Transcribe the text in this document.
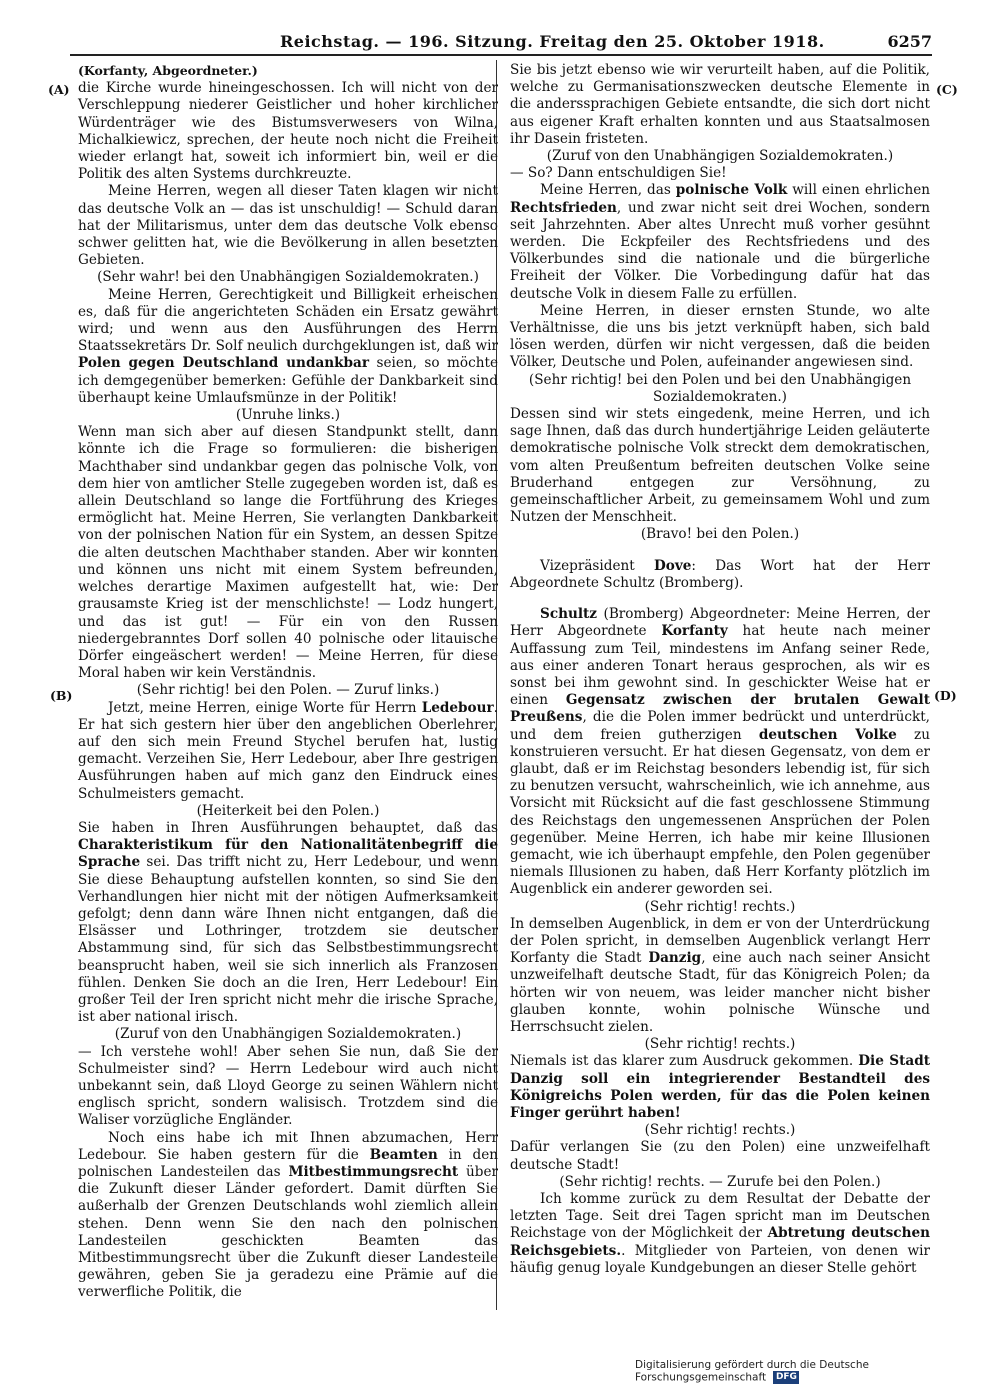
Reichstag. — 196. Sitzung. Freitag den 25. Oktober 1918.	6257
(A)
(B)
(C)
(D)

(Korfanty, Abgeordneter.)

die Kirche wurde hineingeschossen. Ich will nicht von der Verschleppung niederer Geistlicher und hoher kirchlicher Würdenträger wie des Bistumsverwesers von Wilna, Michalkiewicz, sprechen, der heute noch nicht die Freiheit wieder erlangt hat, soweit ich informiert bin, weil er die Politik des alten Systems durchkreuzte.

Meine Herren, wegen all dieser Taten klagen wir nicht das deutsche Volk an — das ist unschuldig! — Schuld daran hat der Militarismus, unter dem das deutsche Volk ebenso schwer gelitten hat, wie die Bevölkerung in allen besetzten Gebieten.

(Sehr wahr! bei den Unabhängigen Sozialdemokraten.)

Meine Herren, Gerechtigkeit und Billigkeit erheischen es, daß für die angerichteten Schäden ein Ersatz gewährt wird; und wenn aus den Ausführungen des Herrn Staatssekretärs Dr. Solf neulich durchgeklungen ist, daß wir Polen gegen Deutschland undankbar seien, so möchte ich demgegenüber bemerken: Gefühle der Dankbarkeit sind überhaupt keine Umlaufsmünze in der Politik!

(Unruhe links.)

Wenn man sich aber auf diesen Standpunkt stellt, dann könnte ich die Frage so formulieren: die bisherigen Machthaber sind undankbar gegen das polnische Volk, von dem hier von amtlicher Stelle zugegeben worden ist, daß es allein Deutschland so lange die Fortführung des Krieges ermöglicht hat. Meine Herren, Sie verlangten Dankbarkeit von der polnischen Nation für ein System, an dessen Spitze die alten deutschen Machthaber standen. Aber wir konnten und können uns nicht mit einem System befreunden, welches derartige Maximen aufgestellt hat, wie: Der grausamste Krieg ist der menschlichste! — Lodz hungert, und das ist gut! — Für ein von den Russen niedergebranntes Dorf sollen 40 polnische oder litauische Dörfer eingeäschert werden! — Meine Herren, für diese Moral haben wir kein Verständnis.

(Sehr richtig! bei den Polen. — Zuruf links.)

Jetzt, meine Herren, einige Worte für Herrn Ledebour. Er hat sich gestern hier über den angeblichen Oberlehrer, auf den sich mein Freund Stychel berufen hat, lustig gemacht. Verzeihen Sie, Herr Ledebour, aber Ihre gestrigen Ausführungen haben auf mich ganz den Eindruck eines Schulmeisters gemacht.

(Heiterkeit bei den Polen.)

Sie haben in Ihren Ausführungen behauptet, daß das Charakteristikum für den Nationalitätenbegriff die Sprache sei. Das trifft nicht zu, Herr Ledebour, und wenn Sie diese Behauptung aufstellen konnten, so sind Sie den Verhandlungen hier nicht mit der nötigen Aufmerksamkeit gefolgt; denn dann wäre Ihnen nicht entgangen, daß die Elsässer und Lothringer, trotzdem sie deutscher Abstammung sind, für sich das Selbstbestimmungsrecht beansprucht haben, weil sie sich innerlich als Franzosen fühlen. Denken Sie doch an die Iren, Herr Ledebour! Ein großer Teil der Iren spricht nicht mehr die irische Sprache, ist aber national irisch.

(Zuruf von den Unabhängigen Sozialdemokraten.)

— Ich verstehe wohl! Aber sehen Sie nun, daß Sie der Schulmeister sind? — Herrn Ledebour wird auch nicht unbekannt sein, daß Lloyd George zu seinen Wählern nicht englisch spricht, sondern walisisch. Trotzdem sind die Waliser vorzügliche Engländer.

Noch eins habe ich mit Ihnen abzumachen, Herr Ledebour. Sie haben gestern für die Beamten in den polnischen Landesteilen das Mitbestimmungsrecht über die Zukunft dieser Länder gefordert. Damit dürften Sie außerhalb der Grenzen Deutschlands wohl ziemlich allein stehen. Denn wenn Sie den nach den polnischen Landesteilen geschickten Beamten das Mitbestimmungsrecht über die Zukunft dieser Landesteile gewähren, geben Sie ja geradezu eine Prämie auf die verwerfliche Politik, die

Sie bis jetzt ebenso wie wir verurteilt haben, auf die Politik, welche zu Germanisationszwecken deutsche Elemente in die anderssprachigen Gebiete entsandte, die sich dort nicht aus eigener Kraft erhalten konnten und aus Staatsalmosen ihr Dasein fristeten.

(Zuruf von den Unabhängigen Sozialdemokraten.)

— So? Dann entschuldigen Sie!

Meine Herren, das polnische Volk will einen ehrlichen Rechtsfrieden, und zwar nicht seit drei Wochen, sondern seit Jahrzehnten. Aber altes Unrecht muß vorher gesühnt werden. Die Eckpfeiler des Rechtsfriedens und des Völkerbundes sind die nationale und die bürgerliche Freiheit der Völker. Die Vorbedingung dafür hat das deutsche Volk in diesem Falle zu erfüllen.

Meine Herren, in dieser ernsten Stunde, wo alte Verhältnisse, die uns bis jetzt verknüpft haben, sich bald lösen werden, dürfen wir nicht vergessen, daß die beiden Völker, Deutsche und Polen, aufeinander angewiesen sind.

(Sehr richtig! bei den Polen und bei den Unabhängigen Sozialdemokraten.)

Dessen sind wir stets eingedenk, meine Herren, und ich sage Ihnen, daß das durch hundertjährige Leiden geläuterte demokratische polnische Volk streckt dem demokratischen, vom alten Preußentum befreiten deutschen Volke seine Bruderhand entgegen zur Versöhnung, zu gemeinschaftlicher Arbeit, zu gemeinsamem Wohl und zum Nutzen der Menschheit.

(Bravo! bei den Polen.)

Vizepräsident Dove: Das Wort hat der Herr Abgeordnete Schultz (Bromberg).

Schultz (Bromberg) Abgeordneter: Meine Herren, der Herr Abgeordnete Korfanty hat heute nach meiner Auffassung zum Teil, mindestens im Anfang seiner Rede, aus einer anderen Tonart heraus gesprochen, als wir es sonst bei ihm gewohnt sind. In geschickter Weise hat er einen Gegensatz zwischen der brutalen Gewalt Preußens, die die Polen immer bedrückt und unterdrückt, und dem freien gutherzigen deutschen Volke zu konstruieren versucht. Er hat diesen Gegensatz, von dem er glaubt, daß er im Reichstag besonders lebendig ist, für sich zu benutzen versucht, wahrscheinlich, wie ich annehme, aus Vorsicht mit Rücksicht auf die fast geschlossene Stimmung des Reichstags den ungemessenen Ansprüchen der Polen gegenüber. Meine Herren, ich habe mir keine Illusionen gemacht, wie ich überhaupt empfehle, den Polen gegenüber niemals Illusionen zu haben, daß Herr Korfanty plötzlich im Augenblick ein anderer geworden sei.

(Sehr richtig! rechts.)

In demselben Augenblick, in dem er von der Unterdrückung der Polen spricht, in demselben Augenblick verlangt Herr Korfanty die Stadt Danzig, eine auch nach seiner Ansicht unzweifelhaft deutsche Stadt, für das Königreich Polen; da hörten wir von neuem, was leider mancher nicht bisher glauben konnte, wohin polnische Wünsche und Herrschsucht zielen.

(Sehr richtig! rechts.)

Niemals ist das klarer zum Ausdruck gekommen. Die Stadt Danzig soll ein integrierender Bestandteil des Königreichs Polen werden, für das die Polen keinen Finger gerührt haben!

(Sehr richtig! rechts.)

Dafür verlangen Sie (zu den Polen) eine unzweifelhaft deutsche Stadt!

(Sehr richtig! rechts. — Zurufe bei den Polen.)

Ich komme zurück zu dem Resultat der Debatte der letzten Tage. Seit drei Tagen spricht man im Deutschen Reichstage von der Möglichkeit der Abtretung deutschen Reichsgebiets.. Mitglieder von Parteien, von denen wir häufig genug loyale Kundgebungen an dieser Stelle gehört

Digitalisierung gefördert durch die Deutsche Forschungsgemeinschaft DFG
